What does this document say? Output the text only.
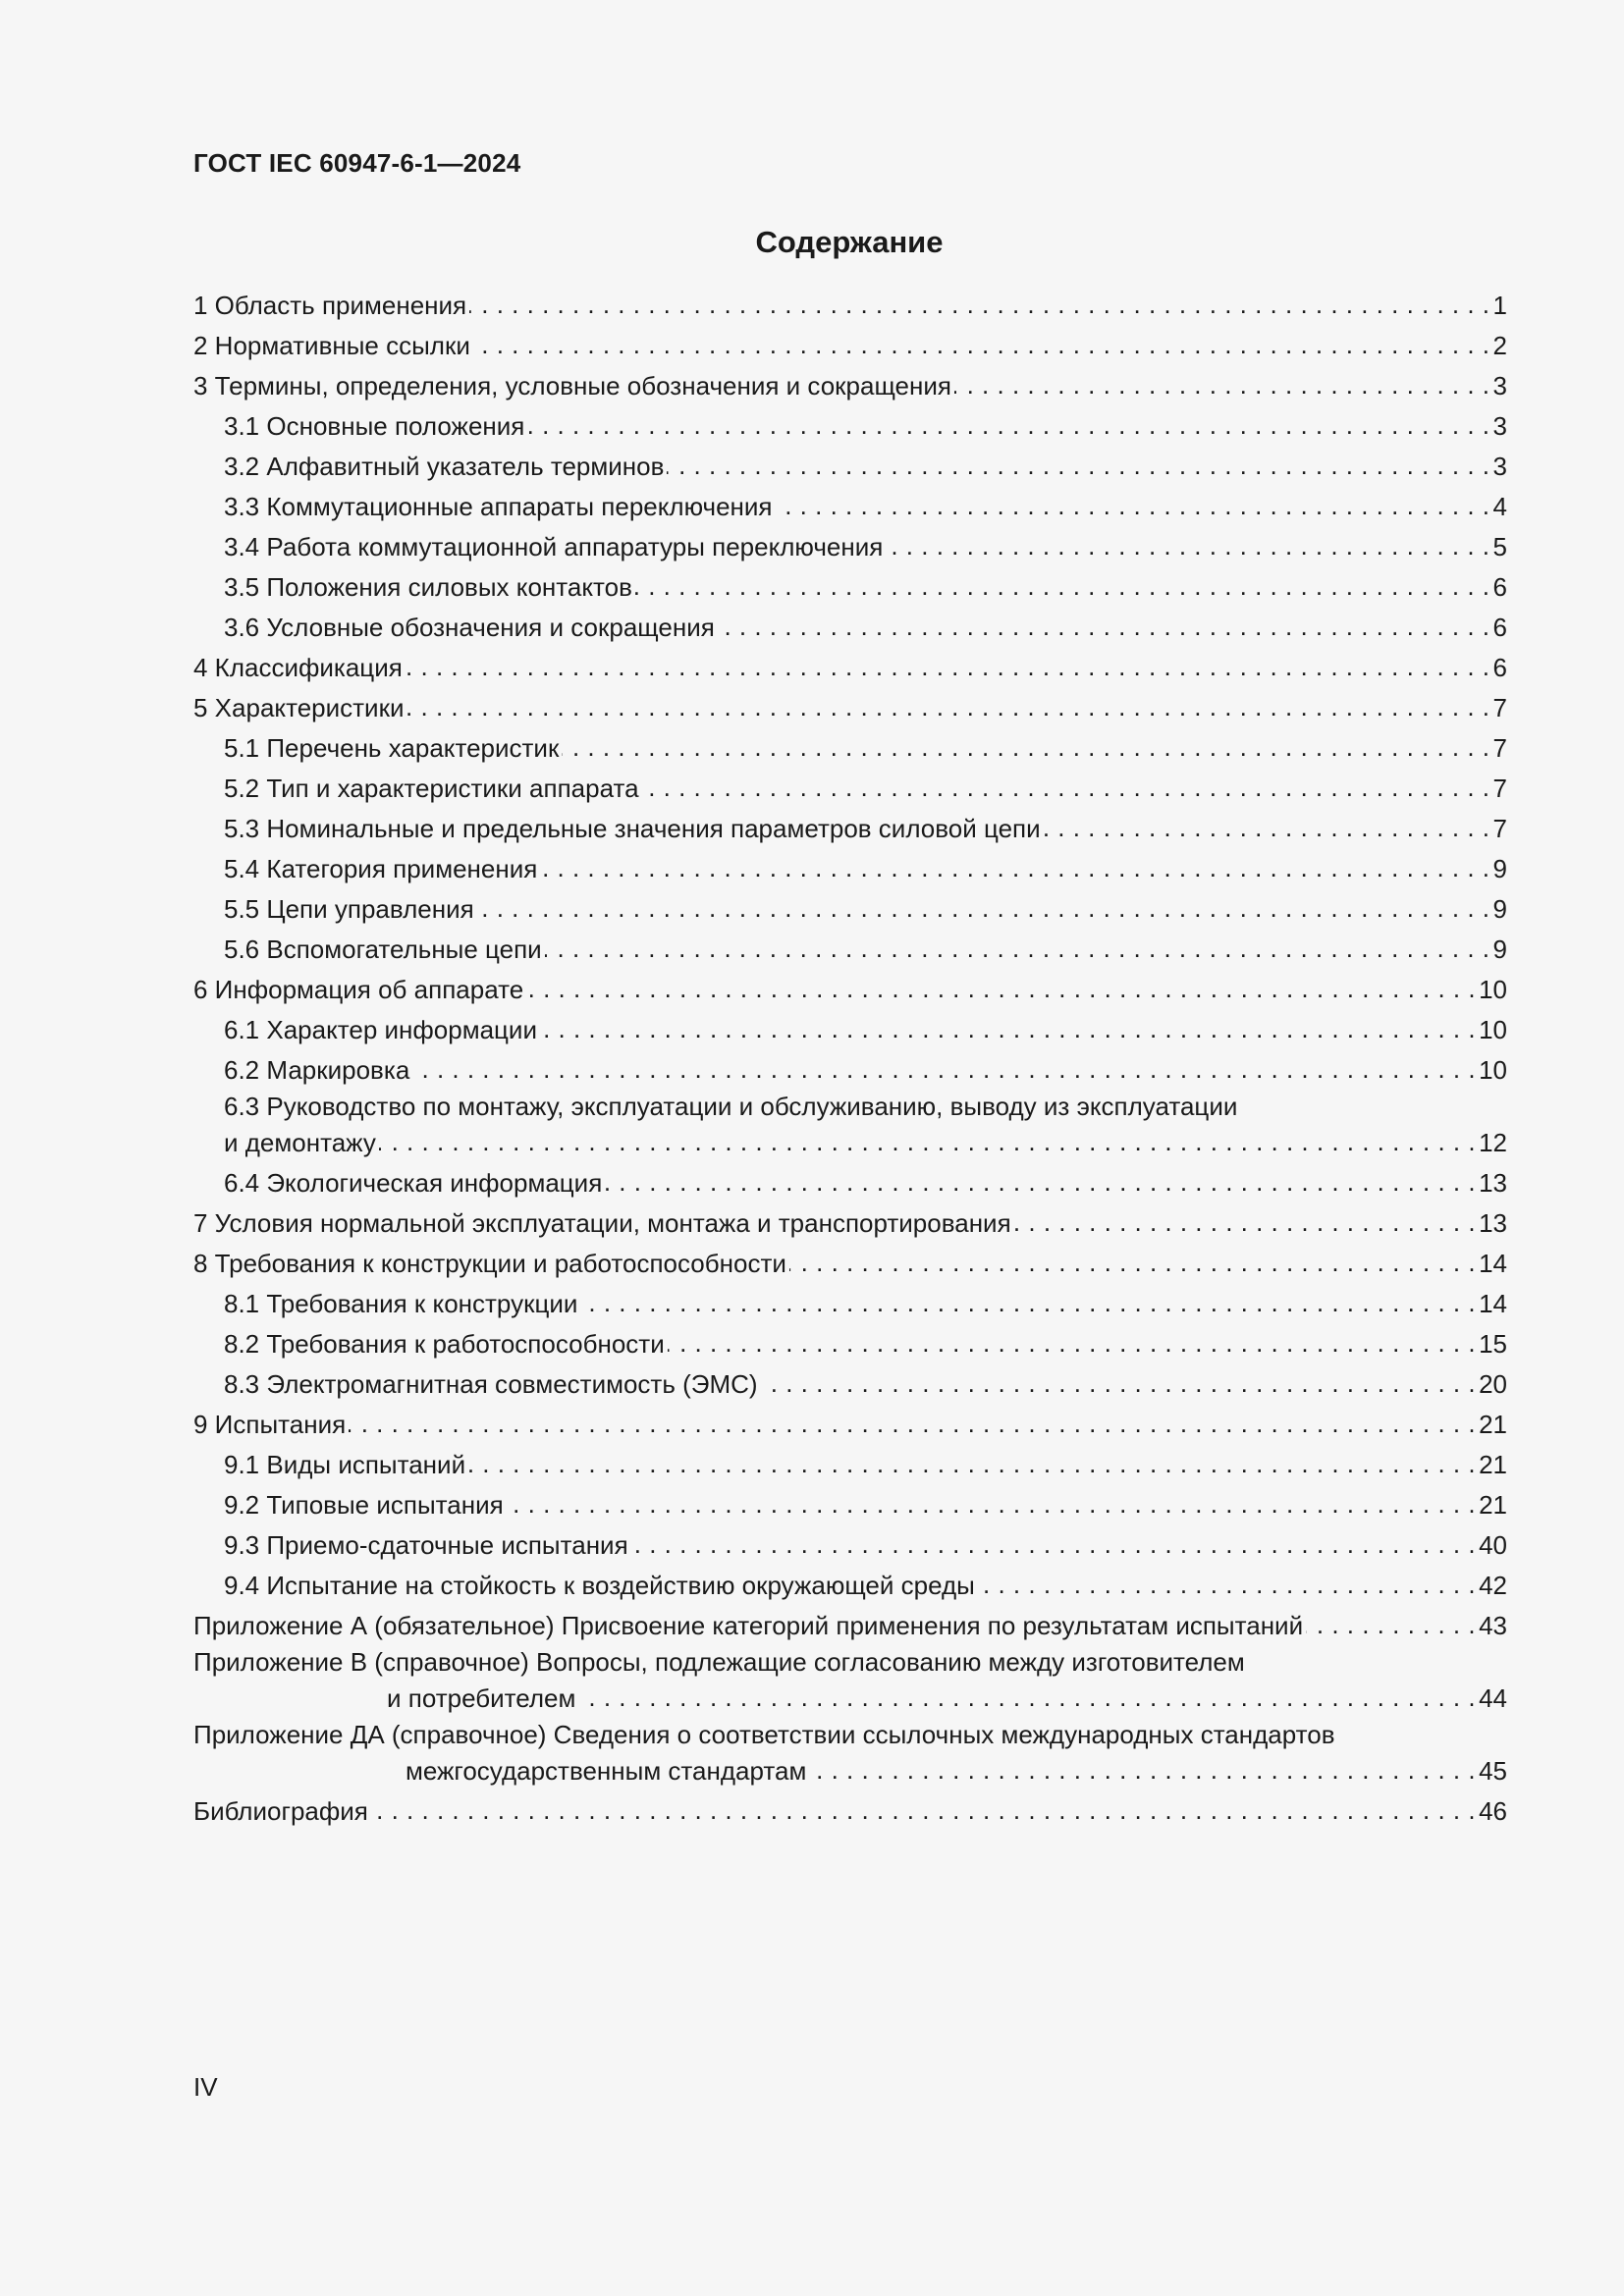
ГОСТ IEC 60947-6-1—2024
Содержание
1 Область применения . . .	1
2 Нормативные ссылки . . .	2
3 Термины, определения, условные обозначения и сокращения . . .	3
3.1 Основные положения . . .	3
3.2 Алфавитный указатель терминов . . .	3
3.3 Коммутационные аппараты переключения . . .	4
3.4 Работа коммутационной аппаратуры переключения . . .	5
3.5 Положения силовых контактов . . .	6
3.6 Условные обозначения и сокращения . . .	6
4 Классификация . . .	6
5 Характеристики . . .	7
5.1 Перечень характеристик . . .	7
5.2 Тип и характеристики аппарата . . .	7
5.3 Номинальные и предельные значения параметров силовой цепи . . .	7
5.4 Категория применения . . .	9
5.5 Цепи управления . . .	9
5.6 Вспомогательные цепи . . .	9
6 Информация об аппарате . . .	10
6.1 Характер информации . . .	10
6.2 Маркировка . . .	10
6.3 Руководство по монтажу, эксплуатации и обслуживанию, выводу из эксплуатации
и демонтажу . . .	12
6.4 Экологическая информация . . .	13
7 Условия нормальной эксплуатации, монтажа и транспортирования . . .	13
8 Требования к конструкции и работоспособности . . .	14
8.1 Требования к конструкции . . .	14
8.2 Требования к работоспособности . . .	15
8.3 Электромагнитная совместимость (ЭМС) . . .	20
9 Испытания . . .	21
9.1 Виды испытаний . . .	21
9.2 Типовые испытания . . .	21
9.3 Приемо-сдаточные испытания . . .	40
9.4 Испытание на стойкость к воздействию окружающей среды . . .	42
Приложение А (обязательное) Присвоение категорий применения по результатам испытаний . . .	43
Приложение В (справочное) Вопросы, подлежащие согласованию между изготовителем
и потребителем . . .	44
Приложение ДА (справочное) Сведения о соответствии ссылочных международных стандартов
межгосударственным стандартам . . .	45
Библиография . . .	46
IV
